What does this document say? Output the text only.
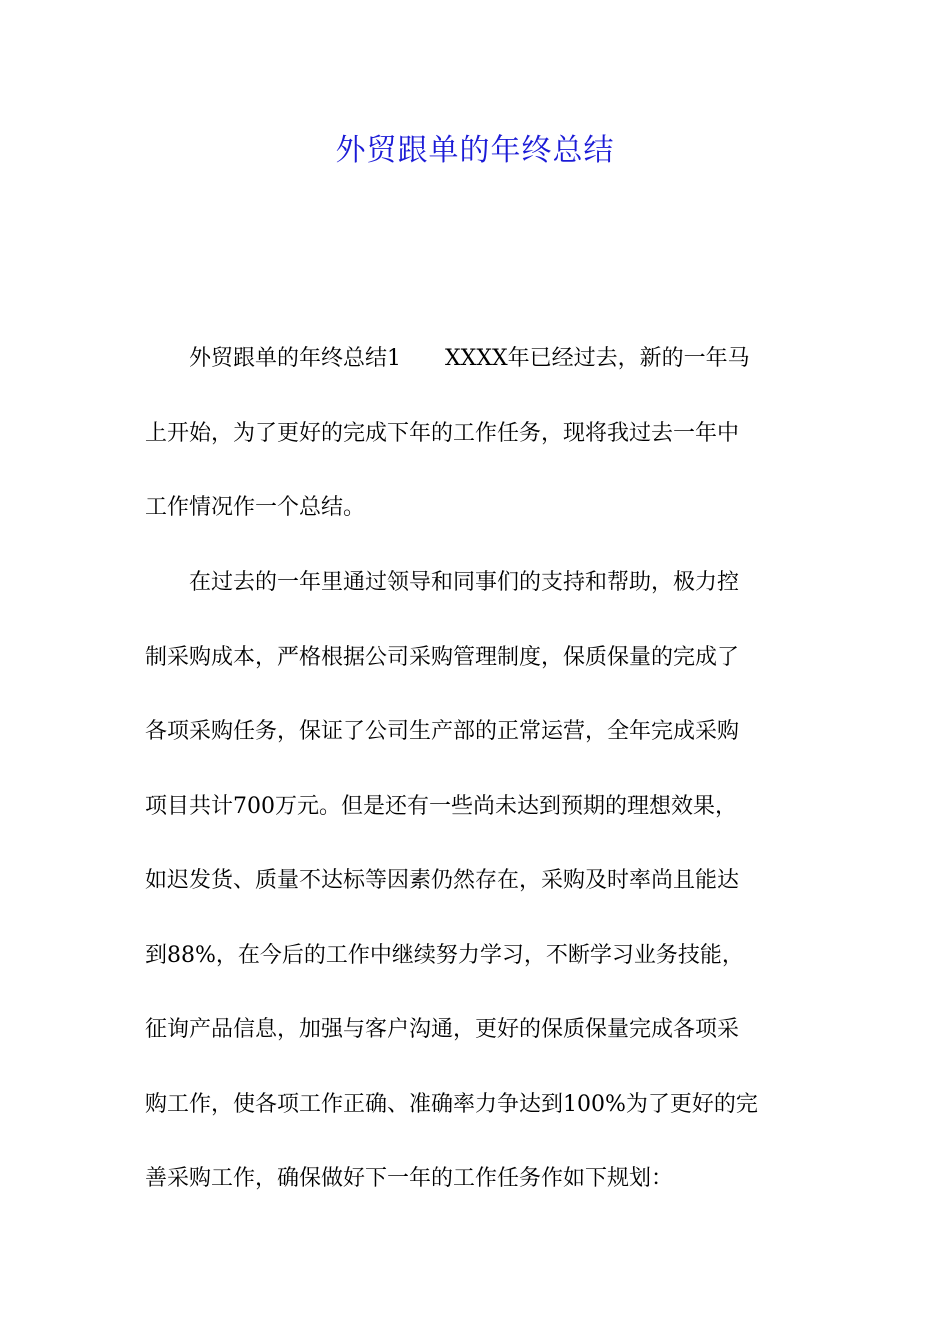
外贸跟单的年终总结

　　外贸跟单的年终总结1　　XXXX年已经过去，新的一年马

上开始，为了更好的完成下年的工作任务，现将我过去一年中

工作情况作一个总结。

　　在过去的一年里通过领导和同事们的支持和帮助，极力控

制采购成本，严格根据公司采购管理制度，保质保量的完成了

各项采购任务，保证了公司生产部的正常运营，全年完成采购

项目共计700万元。但是还有一些尚未达到预期的理想效果，

如迟发货、质量不达标等因素仍然存在，采购及时率尚且能达

到88%，在今后的工作中继续努力学习，不断学习业务技能，

征询产品信息，加强与客户沟通，更好的保质保量完成各项采

购工作，使各项工作正确、准确率力争达到100%为了更好的完

善采购工作，确保做好下一年的工作任务作如下规划：
